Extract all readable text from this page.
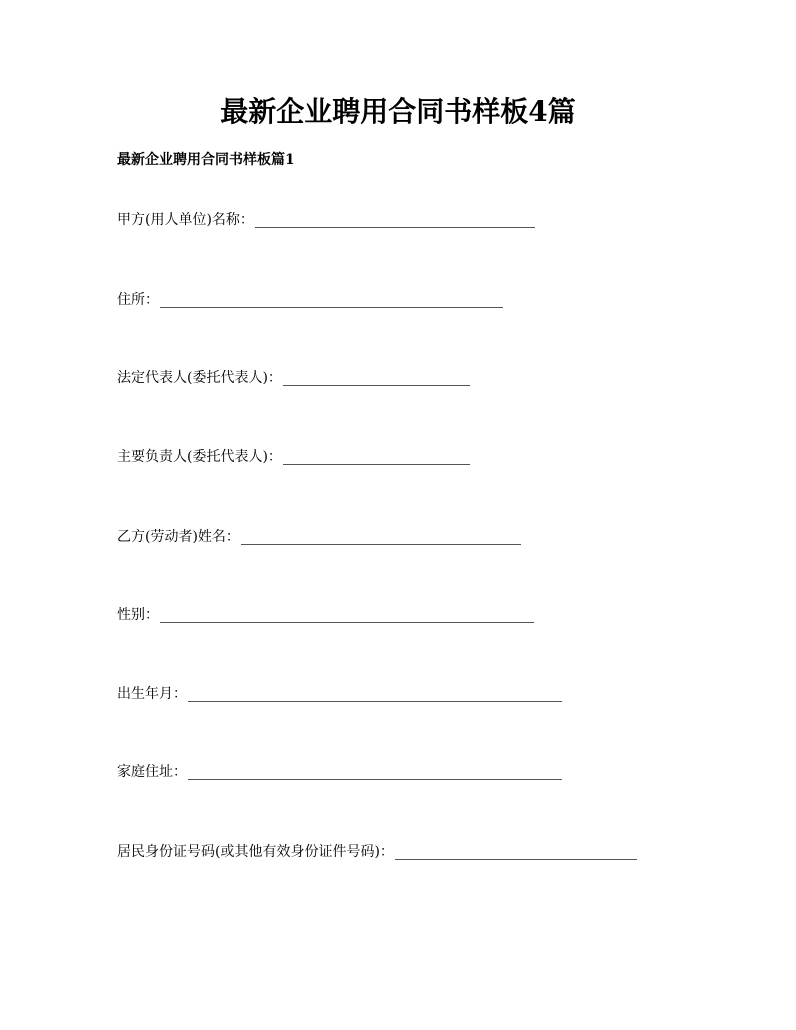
最新企业聘用合同书样板4篇
最新企业聘用合同书样板篇1
甲方(用人单位)名称：
住所：
法定代表人(委托代表人)：
主要负责人(委托代表人)：
乙方(劳动者)姓名：
性别：
出生年月：
家庭住址：
居民身份证号码(或其他有效身份证件号码)：
